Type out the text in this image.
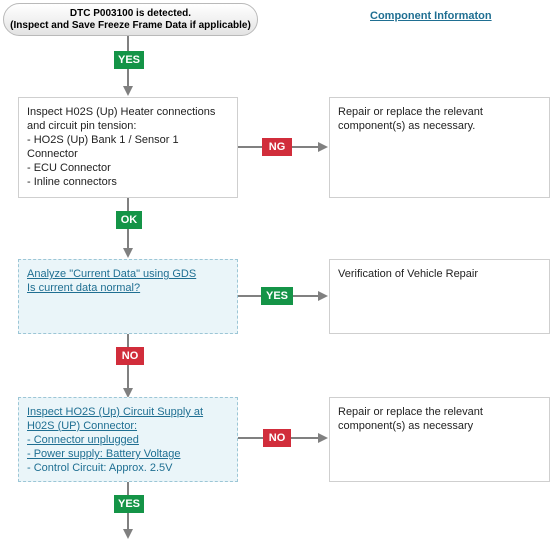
DTC P003100 is detected.
(Inspect and Save Freeze Frame Data if applicable)
Component Informaton
YES
NG
OK
YES
NO
NO
YES
Inspect H02S (Up) Heater connections
and circuit pin tension:
- HO2S (Up) Bank 1 / Sensor 1
Connector
- ECU Connector
- Inline connectors
Repair or replace the relevant
component(s) as necessary.
Analyze "Current Data" using GDS
Is current data normal?
Verification of Vehicle Repair
Inspect HO2S (Up) Circuit Supply at
H02S (UP) Connector:
- Connector unplugged
- Power supply: Battery Voltage
- Control Circuit: Approx. 2.5V
Repair or replace the relevant
component(s) as necessary
